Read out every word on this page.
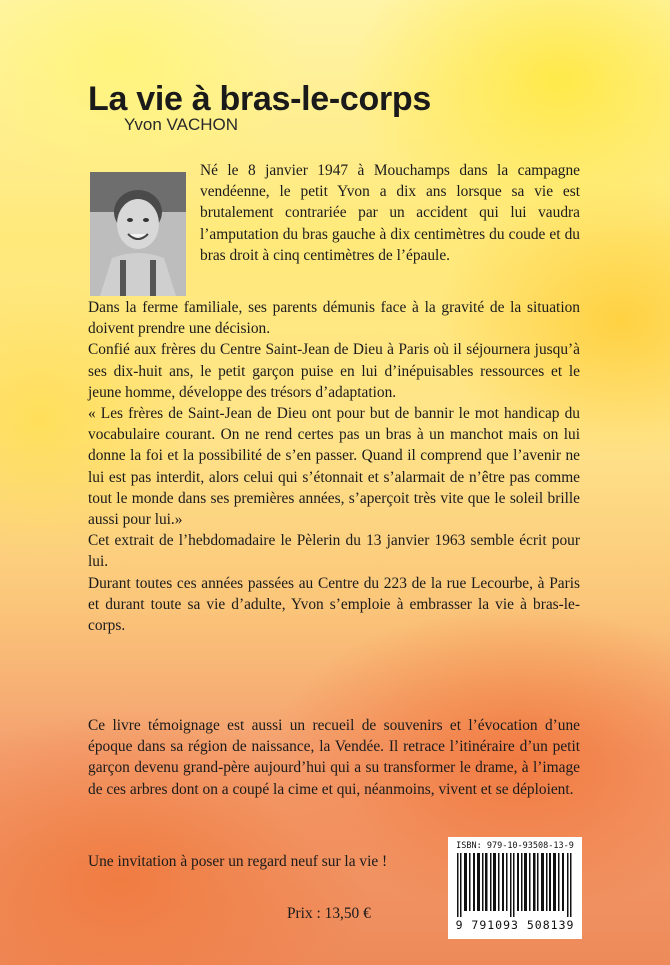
La vie à bras-le-corps
Yvon VACHON

Né le 8 janvier 1947 à Mouchamps dans la campagne vendéenne, le petit Yvon a dix ans lorsque sa vie est brutalement contrariée par un accident qui lui vaudra l’amputation du bras gauche à dix centimètres du coude et du bras droit à cinq centimètres de l’épaule.

Dans la ferme familiale, ses parents démunis face à la gravité de la situation doivent prendre une décision.

Confié aux frères du Centre Saint-Jean de Dieu à Paris où il séjournera jusqu’à ses dix-huit ans, le petit garçon puise en lui d’inépuisables ressources et le jeune homme, développe des trésors d’adaptation.

« Les frères de Saint-Jean de Dieu ont pour but de bannir le mot handicap du vocabulaire courant. On ne rend certes pas un bras à un manchot mais on lui donne la foi et la possibilité de s’en passer. Quand il comprend que l’avenir ne lui est pas interdit, alors celui qui s’étonnait et s’alarmait de n’être pas comme tout le monde dans ses premières années, s’aperçoit très vite que le soleil brille aussi pour lui.»

Cet extrait de l’hebdomadaire le Pèlerin du 13 janvier 1963 semble écrit pour lui.

Durant toutes ces années passées au Centre du 223 de la rue Lecourbe, à Paris et durant toute sa vie d’adulte, Yvon s’emploie à embrasser la vie à bras-le-corps.

Ce livre témoignage est aussi un recueil de souvenirs et l’évocation d’une époque dans sa région de naissance, la Vendée. Il retrace l’itinéraire d’un petit garçon devenu grand-père aujourd’hui qui a su transformer le drame, à l’image de ces arbres dont on a coupé la cime et qui, néanmoins, vivent et se déploient.

Une invitation à poser un regard neuf sur la vie !
Prix : 13,50 €
ISBN: 979-10-93508-13-9
9 791093 508139
